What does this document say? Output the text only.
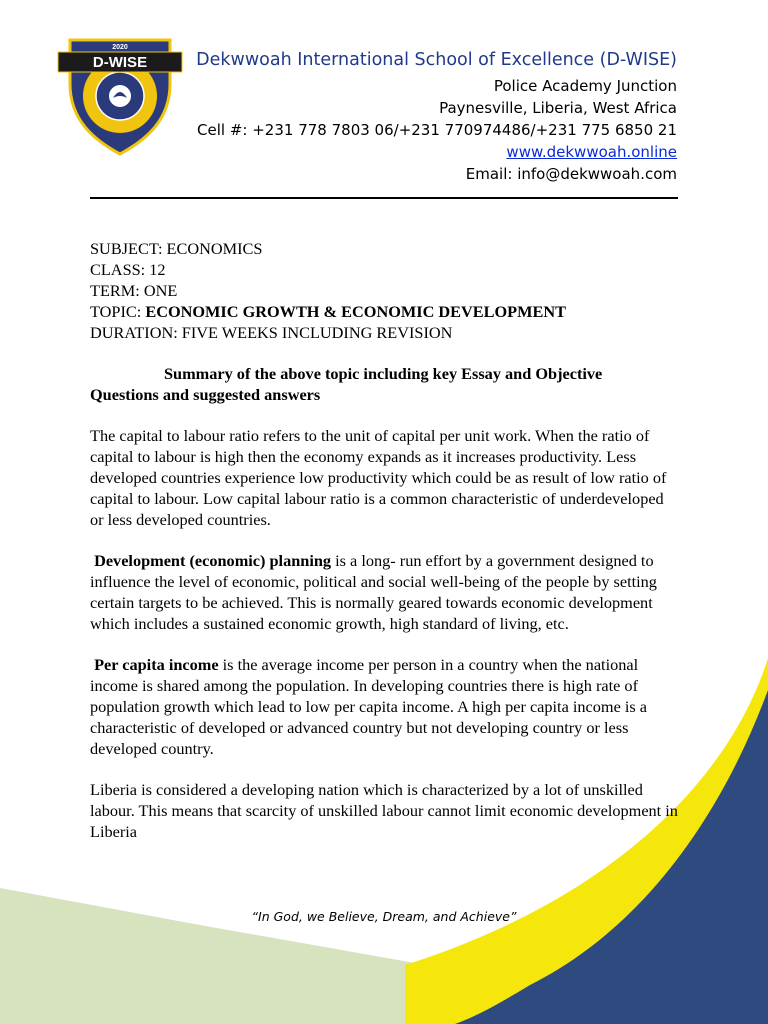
D-WISE
2020
Dekwwoah International School of Excellence (D-WISE)
Police Academy Junction
Paynesville, Liberia, West Africa
Cell #: +231 778 7803 06/+231 770974486/+231 775 6850 21
www.dekwwoah.online
Email: info@dekwwoah.com
SUBJECT: ECONOMICS
CLASS: 12
TERM: ONE
TOPIC: ECONOMIC GROWTH & ECONOMIC DEVELOPMENT
DURATION: FIVE WEEKS INCLUDING REVISION
Summary of the above topic including key Essay and Objective
Questions and suggested answers

The capital to labour ratio refers to the unit of capital per unit work. When the ratio of capital to labour is high then the economy expands as it increases productivity. Less developed countries experience low productivity which could be as result of low ratio of capital to labour. Low capital labour ratio is a common characteristic of underdeveloped or less developed countries.

Development (economic) planning is a long- run effort by a government designed to influence the level of economic, political and social well-being of the people by setting certain targets to be achieved. This is normally geared towards economic development which includes a sustained economic growth, high standard of living, etc.

Per capita income is the average income per person in a country when the national income is shared among the population. In developing countries there is high rate of population growth which lead to low per capita income. A high per capita income is a characteristic of developed or advanced country but not developing country or less developed country.

Liberia is considered a developing nation which is characterized by a lot of unskilled labour. This means that scarcity of unskilled labour cannot limit economic development in Liberia

“In God, we Believe, Dream, and Achieve”
